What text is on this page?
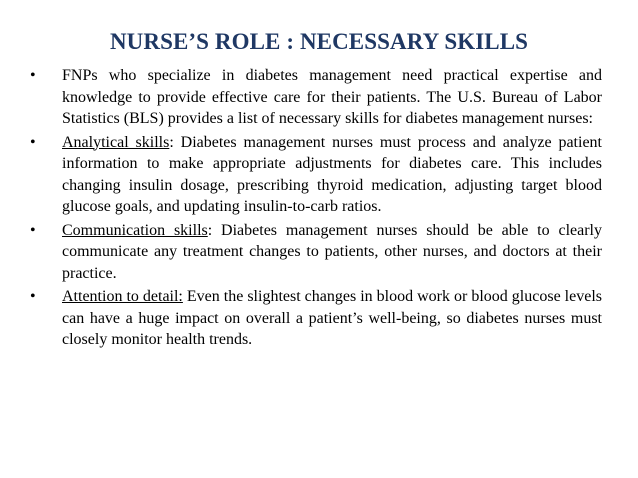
NURSE’S ROLE : NECESSARY SKILLS
•	FNPs who specialize in diabetes management need practical expertise and knowledge to provide effective care for their patients. The U.S. Bureau of Labor Statistics (BLS) provides a list of necessary skills for diabetes management nurses:
•	Analytical skills: Diabetes management nurses must process and analyze patient information to make appropriate adjustments for diabetes care. This includes changing insulin dosage, prescribing thyroid medication, adjusting target blood glucose goals, and updating insulin-to-carb ratios.
•	Communication skills: Diabetes management nurses should be able to clearly communicate any treatment changes to patients, other nurses, and doctors at their practice.
•	Attention to detail: Even the slightest changes in blood work or blood glucose levels can have a huge impact on overall a patient’s well-being, so diabetes nurses must closely monitor health trends.
